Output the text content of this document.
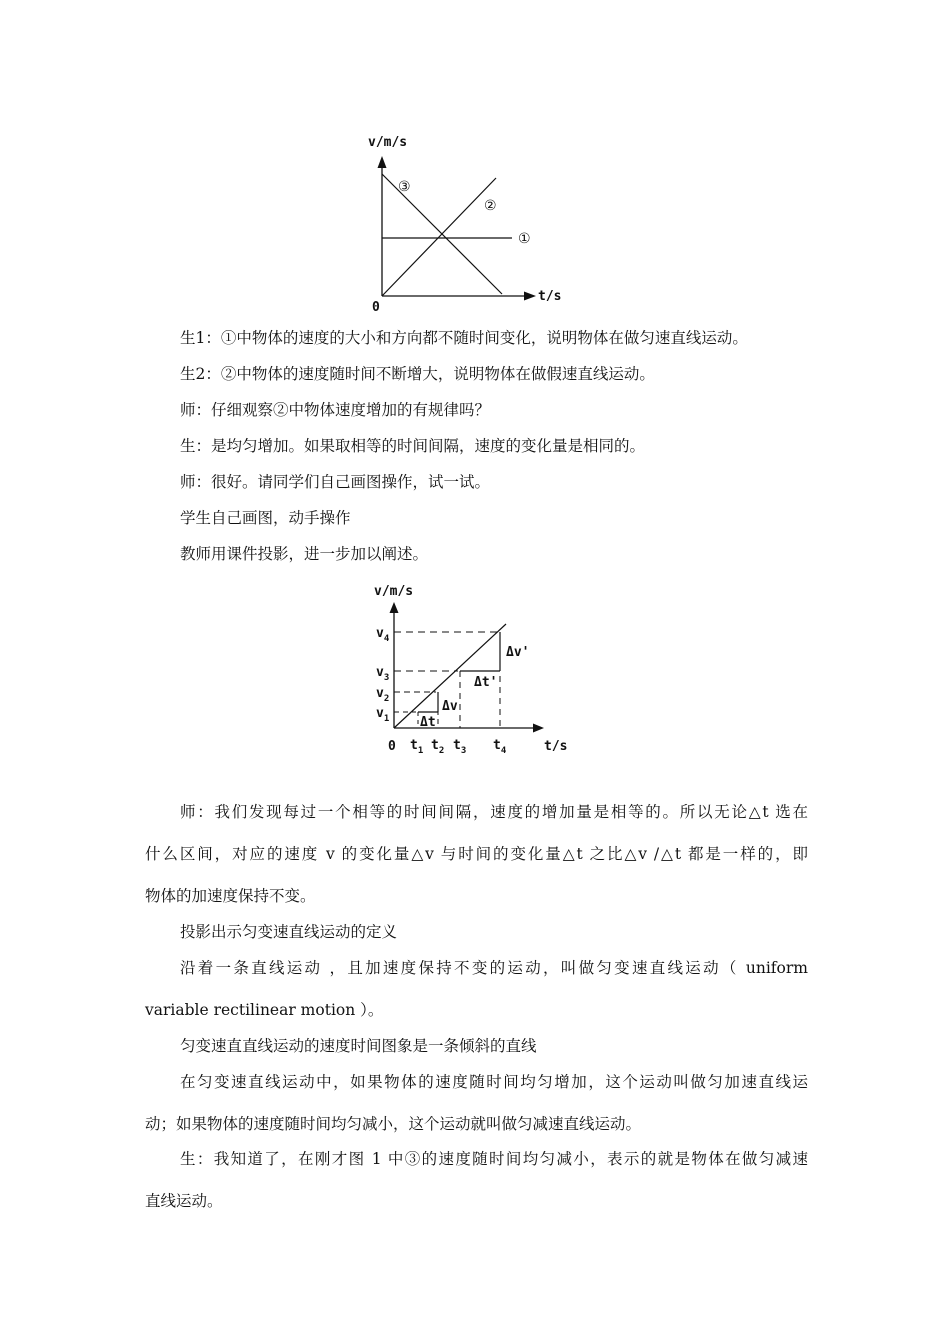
v/m/s
t/s
0
①
②
③
生1：①中物体的速度的大小和方向都不随时间变化，说明物体在做匀速直线运动。
生2：②中物体的速度随时间不断增大，说明物体在做假速直线运动。
师：仔细观察②中物体速度增加的有规律吗？
生：是均匀增加。如果取相等的时间间隔，速度的变化量是相同的。
师：很好。请同学们自己画图操作，试一试。
学生自己画图，动手操作
教师用课件投影，进一步加以阐述。
v/m/s
t/s
0
$v_4$
$v_3$
$v_2$
$v_1$
$t_1$ $t_2$ $t_3$ $t_4$
Δt
Δv
Δt'
Δv'
师：我们发现每过一个相等的时间间隔，速度的增加量是相等的。所以无论△t 选在
什么区间，对应的速度 v 的变化量△v 与时间的变化量△t 之比△v /△t 都是一样的，即
物体的加速度保持不变。
投影出示匀变速直线运动的定义
沿着一条直线运动 ，且加速度保持不变的运动，叫做匀变速直线运动（ uniform
variable rectilinear motion ）。
匀变速直直线运动的速度时间图象是一条倾斜的直线
在匀变速直线运动中，如果物体的速度随时间均匀增加，这个运动叫做匀加速直线运
动；如果物体的速度随时间均匀减小，这个运动就叫做匀减速直线运动。
生：我知道了，在刚才图 1 中③的速度随时间均匀减小，表示的就是物体在做匀减速
直线运动。
